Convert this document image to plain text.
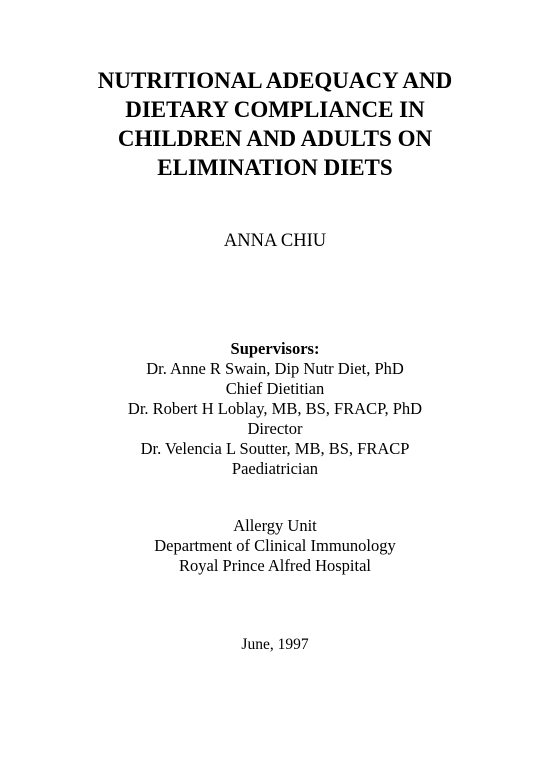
NUTRITIONAL ADEQUACY AND
DIETARY COMPLIANCE IN
CHILDREN AND ADULTS ON
ELIMINATION DIETS
ANNA CHIU
Supervisors:
Dr. Anne R Swain, Dip Nutr Diet, PhD
Chief Dietitian
Dr. Robert H Loblay, MB, BS, FRACP, PhD
Director
Dr. Velencia L Soutter, MB, BS, FRACP
Paediatrician
Allergy Unit
Department of Clinical Immunology
Royal Prince Alfred Hospital
June, 1997
